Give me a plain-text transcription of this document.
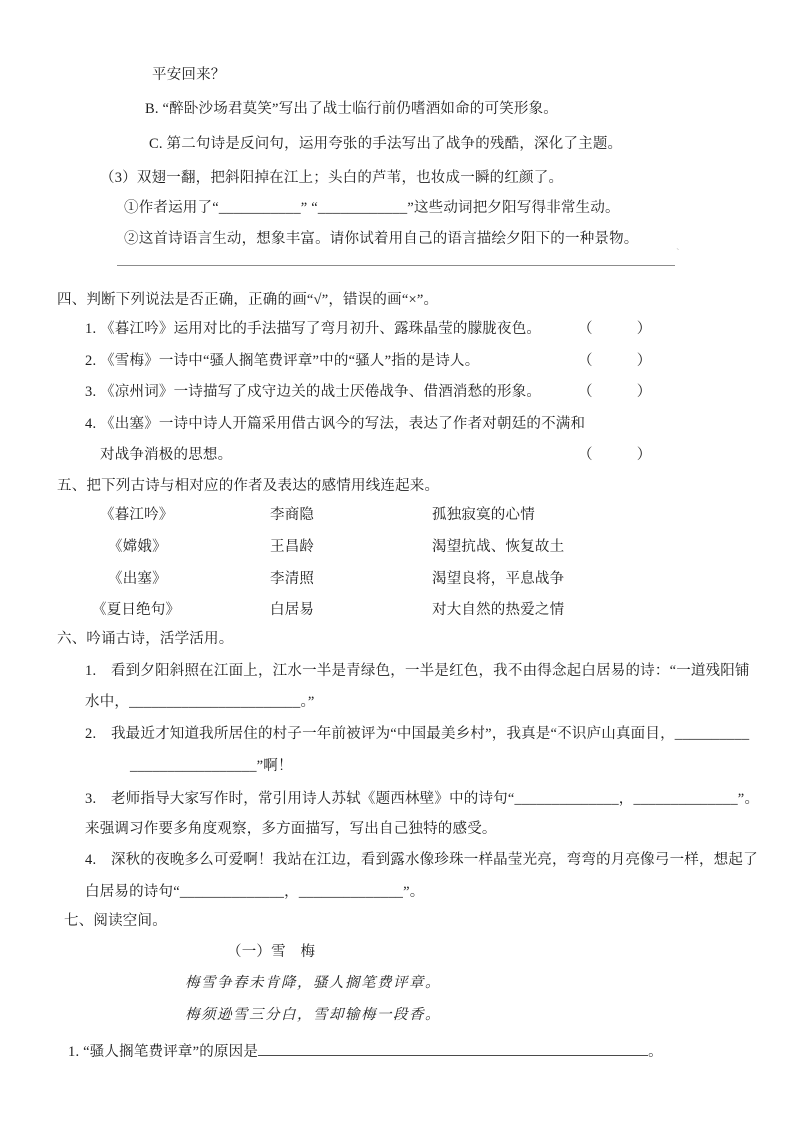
平安回来？
B. “醉卧沙场君莫笑”写出了战士临行前仍嗜酒如命的可笑形象。
C. 第二句诗是反问句，运用夸张的手法写出了战争的残酷，深化了主题。
（3）双翅一翻，把斜阳掉在江上；头白的芦苇，也妆成一瞬的红颜了。
①作者运用了“___________” “____________”这些动词把夕阳写得非常生动。
②这首诗语言生动，想象丰富。请你试着用自己的语言描绘夕阳下的一种景物。
`
四、判断下列说法是否正确，正确的画“√”，错误的画“×”。
1. 《暮江吟》运用对比的手法描写了弯月初升、露珠晶莹的朦胧夜色。	（　　　）
2. 《雪梅》一诗中“骚人搁笔费评章”中的“骚人”指的是诗人。	（　　　）
3. 《凉州词》一诗描写了戍守边关的战士厌倦战争、借酒消愁的形象。	（　　　）
4. 《出塞》一诗中诗人开篇采用借古讽今的写法，表达了作者对朝廷的不满和
对战争消极的思想。	（　　　）
五、把下列古诗与相对应的作者及表达的感情用线连起来。
《暮江吟》	李商隐	孤独寂寞的心情
《嫦娥》	王昌龄	渴望抗战、恢复故土
《出塞》	李清照	渴望良将，平息战争
《夏日绝句》	白居易	对大自然的热爱之情
六、吟诵古诗，活学活用。
1.　看到夕阳斜照在江面上，江水一半是青绿色，一半是红色，我不由得念起白居易的诗：“一道残阳铺
水中，_______________________。”
2.　我最近才知道我所居住的村子一年前被评为“中国最美乡村”，我真是“不识庐山真面目，__________
_________________”啊！
3.　老师指导大家写作时，常引用诗人苏轼《题西林壁》中的诗句“______________，______________”。
来强调习作要多角度观察，多方面描写，写出自己独特的感受。
4.　深秋的夜晚多么可爱啊！我站在江边，看到露水像珍珠一样晶莹光亮，弯弯的月亮像弓一样，想起了
白居易的诗句“______________，______________”。
七、阅读空间。
（一）雪　梅
梅雪争春未肯降，骚人搁笔费评章。
梅须逊雪三分白，雪却输梅一段香。
1. “骚人搁笔费评章”的原因是	。
